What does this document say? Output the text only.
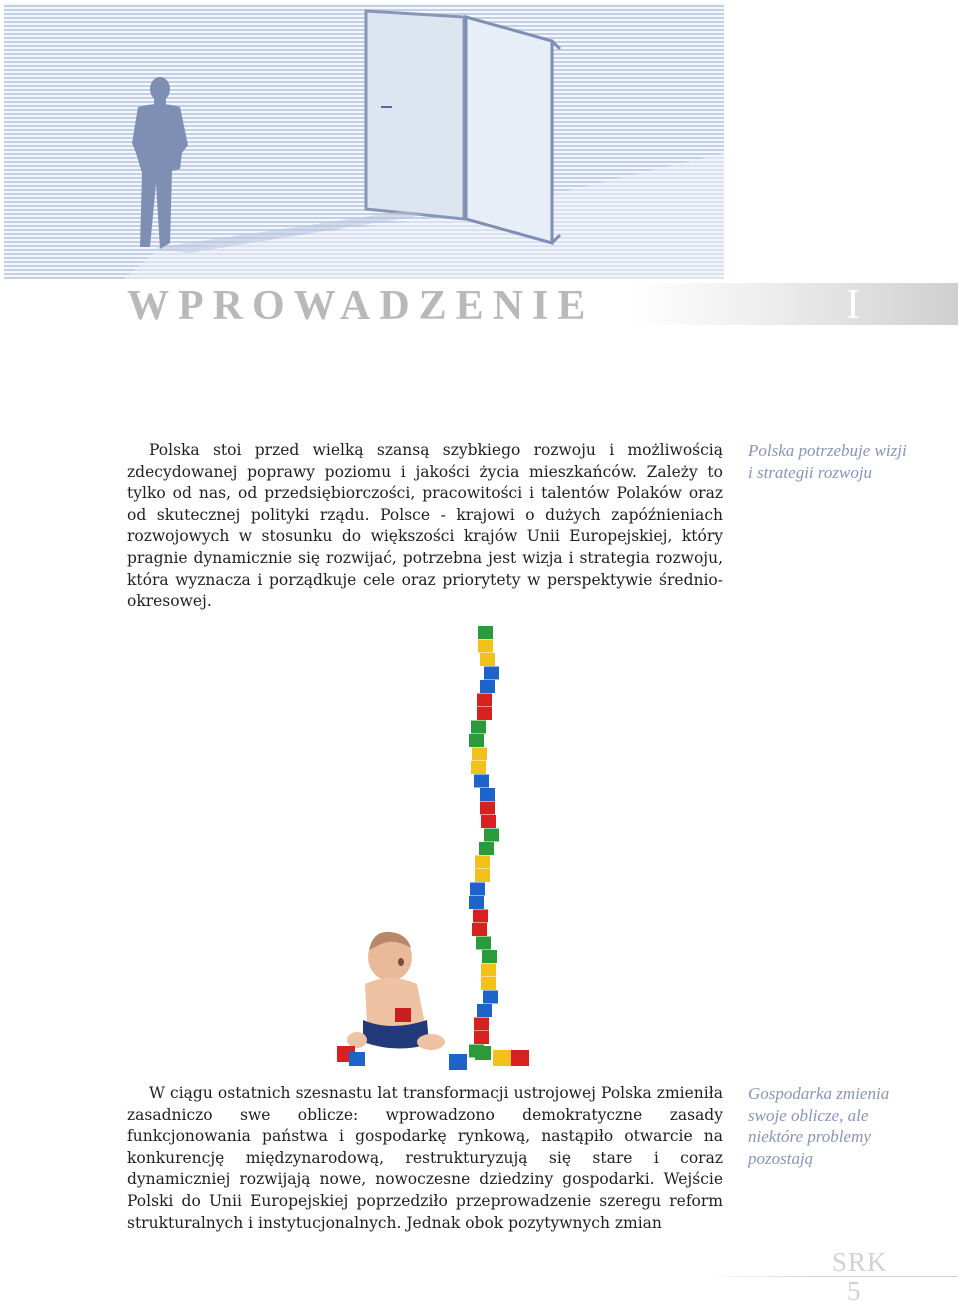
WPROWADZENIE	I

Polska stoi przed wielką szansą szybkiego rozwoju i możliwością zdecydowanej poprawy poziomu i jakości życia mieszkańców. Zależy to tylko od nas, od przedsiębiorczości, pracowitości i talentów Polaków oraz od skutecznej polityki rządu. Polsce - krajowi o dużych zapóźnieniach rozwojowych w stosunku do większości krajów Unii Europejskiej, który pragnie dynamicznie się rozwijać, potrzebna jest wizja i strategia rozwoju, która wyznacza i porządkuje cele oraz priorytety w perspektywie średnio-okresowej.

Polska potrzebuje wizji i strategii rozwoju

W ciągu ostatnich szesnastu lat transformacji ustrojowej Polska zmieniła zasadniczo swe oblicze: wprowadzono demokratyczne zasady funkcjonowania państwa i gospodarkę rynkową, nastąpiło otwarcie na konkurencję międzynarodową, restrukturyzują się stare i coraz dynamiczniej rozwijają nowe, nowoczesne dziedziny gospodarki. Wejście Polski do Unii Europejskiej poprzedziło przeprowadzenie szeregu reform strukturalnych i instytucjonalnych. Jednak obok pozytywnych zmian

Gospodarka zmienia swoje oblicze, ale niektóre problemy pozostają

SRK
5
